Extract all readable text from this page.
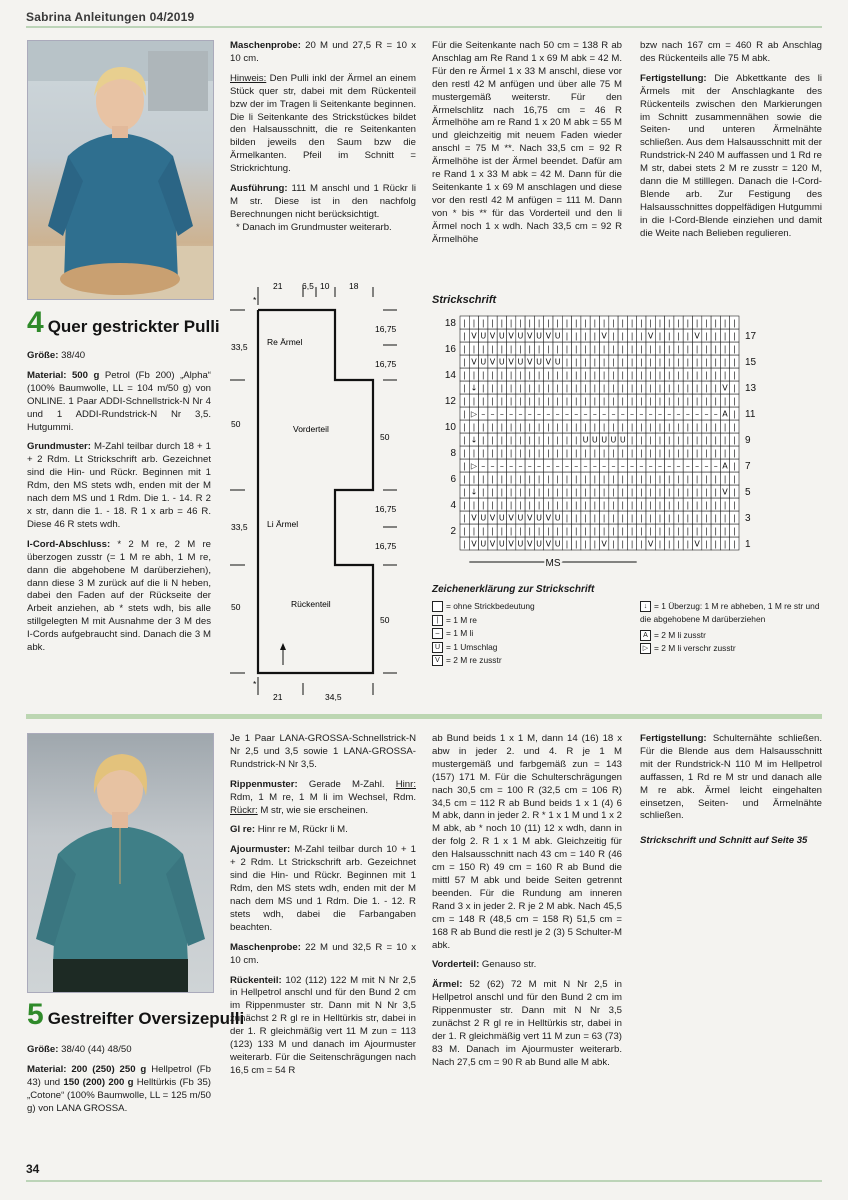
Sabrina Anleitungen 04/2019
4 Quer gestrickter Pulli

Größe: 38/40

Material: 500 g Petrol (Fb 200) „Alpha“ (100% Baumwolle, LL = 104 m/50 g) von ONLINE. 1 Paar ADDI-Schnellstrick-N Nr 4 und 1 ADDI-Rundstrick-N Nr 3,5. Hutgummi.

Grundmuster: M-Zahl teilbar durch 18 + 1 + 2 Rdm. Lt Strickschrift arb. Gezeichnet sind die Hin- und Rückr. Beginnen mit 1 Rdm, den MS stets wdh, enden mit der M nach dem MS und 1 Rdm. Die 1. - 14. R 2 x str, dann die 1. - 18. R 1 x arb = 46 R. Diese 46 R stets wdh.

I-Cord-Abschluss: * 2 M re, 2 M re überzogen zusstr (= 1 M re abh, 1 M re, dann die abgehobene M darüberziehen), dann diese 3 M zurück auf die li N heben, dabei den Faden auf der Rückseite der Arbeit anziehen, ab * stets wdh, bis alle stillgelegten M mit Ausnahme der 3 M des I-Cords aufgebraucht sind. Danach die 3 M abk.

Maschenprobe: 20 M und 27,5 R = 10 x 10 cm.

Hinweis: Den Pulli inkl der Ärmel an einem Stück quer str, dabei mit dem Rückenteil bzw der im Tragen li Seitenkante beginnen. Die li Seitenkante des Strickstückes bildet den Halsausschnitt, die re Seitenkanten bilden jeweils den Saum bzw die Ärmelkanten. Pfeil im Schnitt = Strickrichtung.

Ausführung: 111 M anschl und 1 Rückr li M str. Diese ist in den nachfolg Berechnungen nicht berücksichtigt.

* Danach im Grundmuster weiterarb.

Für die Seitenkante nach 50 cm = 138 R ab Anschlag am Re Rand 1 x 69 M abk = 42 M. Für den re Ärmel 1 x 33 M anschl, diese vor den restl 42 M anfügen und über alle 75 M mustergemäß weiterstr. Für den Ärmelschlitz nach 16,75 cm = 46 R Ärmelhöhe am re Rand 1 x 20 M abk = 55 M und gleichzeitig mit neuem Faden wieder anschl = 75 M **. Nach 33,5 cm = 92 R Ärmelhöhe ist der Ärmel beendet. Dafür am re Rand 1 x 33 M abk = 42 M. Dann für die Seitenkante 1 x 69 M anschlagen und diese vor den restl 42 M anfügen = 111 M. Dann von * bis ** für das Vorderteil und den li Ärmel noch 1 x wdh. Nach 33,5 cm = 92 R Ärmelhöhe

bzw nach 167 cm = 460 R ab Anschlag des Rückenteils alle 75 M abk.

Fertigstellung: Die Abkettkante des li Ärmels mit der Anschlagkante des Rückenteils zwischen den Markierungen im Schnitt zusammennähen sowie die Seiten- und unteren Ärmelnähte schließen. Aus dem Halsausschnitt mit der Rundstrick-N 240 M auffassen und 1 Rd re M str, dabei stets 2 M re zusstr = 120 M, dann die M stilllegen. Danach die I-Cord-Blende arb. Zur Festigung des Halsausschnittes doppelfädigen Hutgummi in die I-Cord-Blende einziehen und damit die Weite nach Belieben regulieren.

*
*
21 6,5 10 18
21	34,5
33,5
50
33,5
50
16,75
16,75
50
16,75
16,75
50
Re Ärmel
Vorderteil
Li Ärmel
Rückenteil
Strickschrift
| V U V U V U V U V U | | | | V | | | | V | | | | V | | | |
| | | | | | | | | | | | | | | | | | | | | | | | | | | | | |
| V U V U V U V U V U | | | | | | | | | | | | | | | | | | |
| | | | | | | | | | | | | | | | | | | | | | | | | | | | | |
| ↓ | | | | | | | | | | | | | | | | | | | | | | | | | | V |
| | | | | | | | | | | | | | | | | | | | | | | | | | | | | |
| ▷ – – – – – – – – – – – – – – – – – – – – – – – – – – A |
| | | | | | | | | | | | | | | | | | | | | | | | | | | | | |
| ↓ | | | | | | | | | | | U U U U U | | | | | | | | | | | |
| | | | | | | | | | | | | | | | | | | | | | | | | | | | | |
| ▷ – – – – – – – – – – – – – – – – – – – – – – – – – – A |
| | | | | | | | | | | | | | | | | | | | | | | | | | | | | |
| ↓ | | | | | | | | | | | | | | | | | | | | | | | | | | V |
| | | | | | | | | | | | | | | | | | | | | | | | | | | | | |
| V U V U V U V U V U | | | | | | | | | | | | | | | | | | |
| | | | | | | | | | | | | | | | | | | | | | | | | | | | | |
| V U V U V U V U V U | | | | V | | | | V | | | | V | | | |
| | | | | | | | | | | | | | | | | | | | | | | | | | | | | |
18
16
14
12
10
8
6
4
2
17
15
13
11
9
7
5
3
1
MS
Zeichenerklärung zur Strickschrift
= ohne Strickbedeutung
| = 1 M re
– = 1 M li
U = 1 Umschlag
V = 2 M re zusstr
↓ = 1 Überzug: 1 M re abheben, 1 M re str und die abgehobene M darüberziehen
A = 2 M li zusstr
▷ = 2 M li verschr zusstr
5 Gestreifter Oversizepulli

Größe: 38/40 (44) 48/50

Material: 200 (250) 250 g Hellpetrol (Fb 43) und 150 (200) 200 g Helltürkis (Fb 35) „Cotone“ (100% Baumwolle, LL = 125 m/50 g) von LANA GROSSA.

Je 1 Paar LANA-GROSSA-Schnellstrick-N Nr 2,5 und 3,5 sowie 1 LANA-GROSSA-Rundstrick-N Nr 3,5.

Rippenmuster: Gerade M-Zahl. Hinr: Rdm, 1 M re, 1 M li im Wechsel, Rdm. Rückr: M str, wie sie erscheinen.

Gl re: Hinr re M, Rückr li M.

Ajourmuster: M-Zahl teilbar durch 10 + 1 + 2 Rdm. Lt Strickschrift arb. Gezeichnet sind die Hin- und Rückr. Beginnen mit 1 Rdm, den MS stets wdh, enden mit der M nach dem MS und 1 Rdm. Die 1. - 12. R stets wdh, dabei die Farbangaben beachten.

Maschenprobe: 22 M und 32,5 R = 10 x 10 cm.

Rückenteil: 102 (112) 122 M mit N Nr 2,5 in Hellpetrol anschl und für den Bund 2 cm im Rippenmuster str. Dann mit N Nr 3,5 zunächst 2 R gl re in Helltürkis str, dabei in der 1. R gleichmäßig vert 11 M zun = 113 (123) 133 M und danach im Ajourmuster weiterarb. Für die Seitenschrägungen nach 16,5 cm = 54 R

ab Bund beids 1 x 1 M, dann 14 (16) 18 x abw in jeder 2. und 4. R je 1 M mustergemäß und farbgemäß zun = 143 (157) 171 M. Für die Schulterschrägungen nach 30,5 cm = 100 R (32,5 cm = 106 R) 34,5 cm = 112 R ab Bund beids 1 x 1 (4) 6 M abk, dann in jeder 2. R * 1 x 1 M und 1 x 2 M abk, ab * noch 10 (11) 12 x wdh, dann in der folg 2. R 1 x 1 M abk. Gleichzeitig für den Halsausschnitt nach 43 cm = 140 R (46 cm = 150 R) 49 cm = 160 R ab Bund die mittl 57 M abk und beide Seiten getrennt beenden. Für die Rundung am inneren Rand 3 x in jeder 2. R je 2 M abk. Nach 45,5 cm = 148 R (48,5 cm = 158 R) 51,5 cm = 168 R ab Bund die restl je 2 (3) 5 Schulter-M abk.

Vorderteil: Genauso str.

Ärmel: 52 (62) 72 M mit N Nr 2,5 in Hellpetrol anschl und für den Bund 2 cm im Rippenmuster str. Dann mit N Nr 3,5 zunächst 2 R gl re in Helltürkis str, dabei in der 1. R gleichmäßig vert 11 M zun = 63 (73) 83 M. Danach im Ajourmuster weiterarb. Nach 27,5 cm = 90 R ab Bund alle M abk.

Fertigstellung: Schulternähte schließen. Für die Blende aus dem Halsausschnitt mit der Rundstrick-N 110 M im Hellpetrol auffassen, 1 Rd re M str und danach alle M re abk. Ärmel leicht eingehalten einsetzen, Seiten- und Ärmelnähte schließen.

Strickschrift und Schnitt auf Seite 35

34
